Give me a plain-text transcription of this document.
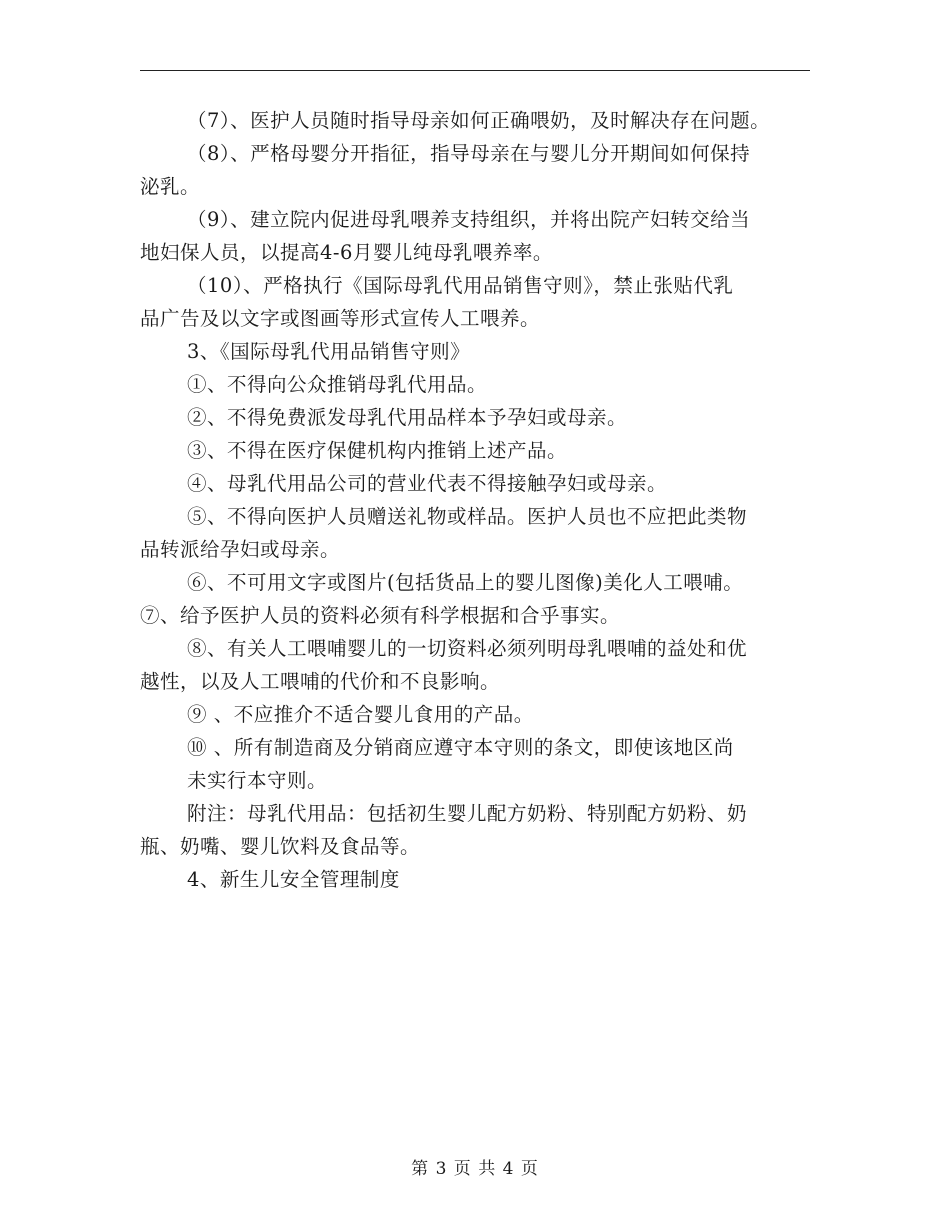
（7）、医护人员随时指导母亲如何正确喂奶，及时解决存在问题。

（8）、严格母婴分开指征，指导母亲在与婴儿分开期间如何保持
泌乳。

（9）、建立院内促进母乳喂养支持组织，并将出院产妇转交给当
地妇保人员，以提高4-6月婴儿纯母乳喂养率。

（10）、严格执行《国际母乳代用品销售守则》，禁止张贴代乳
品广告及以文字或图画等形式宣传人工喂养。

3、《国际母乳代用品销售守则》

①、不得向公众推销母乳代用品。

②、不得免费派发母乳代用品样本予孕妇或母亲。

③、不得在医疗保健机构内推销上述产品。

④、母乳代用品公司的营业代表不得接触孕妇或母亲。

⑤、不得向医护人员赠送礼物或样品。医护人员也不应把此类物
品转派给孕妇或母亲。

⑥、不可用文字或图片(包括货品上的婴儿图像)美化人工喂哺。

⑦、给予医护人员的资料必须有科学根据和合乎事实。

⑧、有关人工喂哺婴儿的一切资料必须列明母乳喂哺的益处和优
越性，以及人工喂哺的代价和不良影响。

⑨ 、不应推介不适合婴儿食用的产品。

⑩ 、所有制造商及分销商应遵守本守则的条文，即使该地区尚
未实行本守则。

附注：母乳代用品：包括初生婴儿配方奶粉、特别配方奶粉、奶
瓶、奶嘴、婴儿饮料及食品等。

4、新生儿安全管理制度

第 3 页 共 4 页
